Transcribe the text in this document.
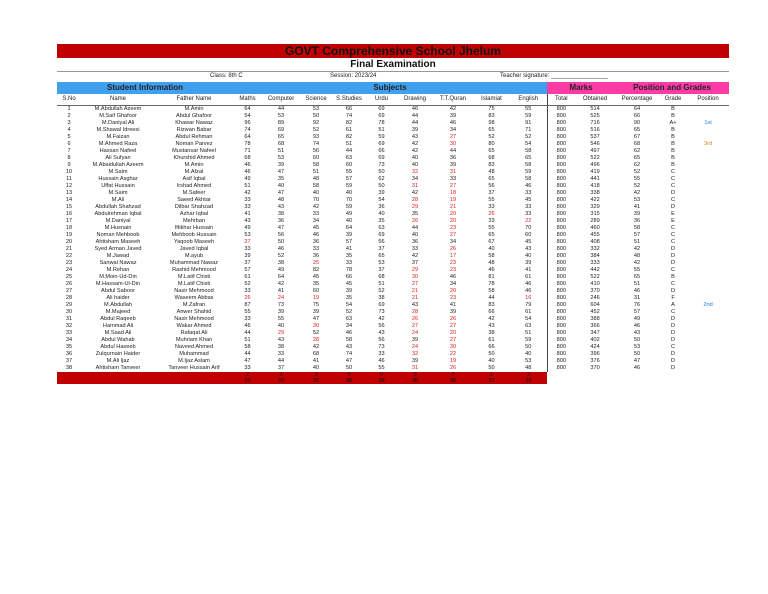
GOVT Comprehensive School Jhelum
Final Examination
Class: 8th C	Session: 2023/24	Teacher signature: _________________
Student Information			Subjects									Marks		Position and Grades		
S.No	Name	Father Name	Maths	Computer	Science	S.Studies	Urdu	Drawing	T.T.Quran	Islamiat	English	Total	Obtained	Percentage	Grade	Position
1	M.Abdullah Azeem	M.Amin	64	44	53	66	69	46	42	75	55	800	514	64	B	
2	M.Saif Ghafoor	Abdul Ghafoor	54	53	50	74	69	44	39	83	59	800	525	66	B	
3	M.Daniyal Ali	Khawar Nawaz	96	89	92	82	78	44	46	98	91	800	716	90	A+	1st
4	M.Shawal Idreesi	Rizwan Babar	74	69	52	61	51	39	34	65	71	800	516	65	B	
5	M.Faizan	Abdul Rehman	64	65	93	82	59	43	27	52	52	800	537	67	B	
6	M.Ahmed Raza	Noman Parvez	78	68	74	51	69	42	30	80	54	800	546	68	B	3rd
7	Hassan Nafeel	Mustansar Nafeel	71	51	56	44	66	42	44	65	58	800	497	62	B	
8	Ali Sufyan	Khurshid Ahmed	68	53	60	63	69	40	36	68	65	800	522	65	B	
9	M.Abaidullah Azeem	M.Amin	46	39	58	60	73	40	39	83	58	800	496	62	B	
10	M.Saim	M.Afzal	46	47	51	55	50	32	31	48	59	800	419	52	C	
11	Hussain Asghar	Asif Iqbal	49	35	48	57	62	34	33	65	58	800	441	55	C	
12	Uffat Hussain	Irshad Ahmed	51	40	58	59	50	31	27	56	46	800	418	52	C	
13	M.Saim	M.Safeer	42	47	40	40	39	42	18	37	33	800	338	42	D	
14	M.Ali	Saeed Akhtar	33	48	70	70	54	28	19	55	45	800	422	53	C	
15	Abdullah Shahzad	Dilbar Shahzad	33	43	42	59	36	29	21	33	33	800	329	41	D	
16	Abdulrehman Iqbal	Azhar Iqbal	41	38	33	49	40	35	20	26	33	800	315	39	E	
17	M.Daniyal	Mehrban	43	36	34	40	35	26	20	33	22	800	289	36	E	
18	M.Husnain	Iftikhar Hussain	49	47	45	64	63	44	23	55	70	800	460	58	C	
19	Noman Mehboob	Mehboob Hussain	53	56	46	39	69	40	27	65	60	800	455	57	C	
20	Ahtisham Maseeh	Yaqoob Maseeh	27	50	36	57	56	36	34	67	45	800	408	51	C	
21	Syed Arman Javed	Javed Iqbal	33	46	33	41	37	33	26	40	43	800	332	42	D	
22	M.Jawad	M.ayub	39	52	36	35	65	42	17	58	40	800	384	48	D	
23	Sanwal Nawaz	Muhammad Nawaz	37	38	25	33	53	37	23	48	39	800	333	42	D	
24	M.Rehan	Rashid Mehmood	57	49	82	78	37	29	23	46	41	800	442	55	C	
25	M.Moin-Ud-Din	M.Latif Chisti	61	64	45	66	68	30	46	81	61	800	522	65	B	
26	M.Hassam-Ul-Din	M.Latif Chisti	52	42	35	45	51	27	34	78	46	800	410	51	C	
27	Abdul Saboor	Nasir Mehmood	33	41	60	39	52	21	20	58	46	800	370	46	D	
28	Ali haider	Waseem Abbas	26	24	19	35	38	21	23	44	16	800	246	31	F	
29	M.Abdullah	M.Zafran	87	73	75	54	69	43	41	83	79	800	604	76	A	2nd
30	M.Majeed	Anwer Shahid	55	39	39	52	73	28	39	66	61	800	452	57	C	
31	Abdul Raqeeb	Nasir Mehmood	33	55	47	63	42	26	26	42	54	800	388	49	D	
32	Hammad Ali	Wakar Ahmed	46	40	30	34	56	27	27	43	63	800	366	46	D	
33	M.Saad Ali	Rafaqat Ali	44	29	52	46	43	24	20	38	51	800	347	43	D	
34	Abdul Wahab	Muhriam Khan	51	43	28	58	56	39	27	61	59	800	402	50	D	
35	Abdul Haseeb	Naveed Ahmed	58	38	42	43	73	24	30	66	50	800	424	53	C	
36	Zulqurnain Haider	Muhammad	44	33	68	74	33	32	22	50	40	800	396	50	D	
37	M.Ali Ijaz	M.Ijaz Aslam	47	44	41	47	46	39	19	40	53	800	376	47	D	
38	Ahtisham Tanveer	Tanveer Hussain Arif	33	37	40	50	55	31	26	50	48	800	370	46	D	
			2	2	3	0	0	0	0	1	2					
			36	36	35	38	38	38	38	37	36					
